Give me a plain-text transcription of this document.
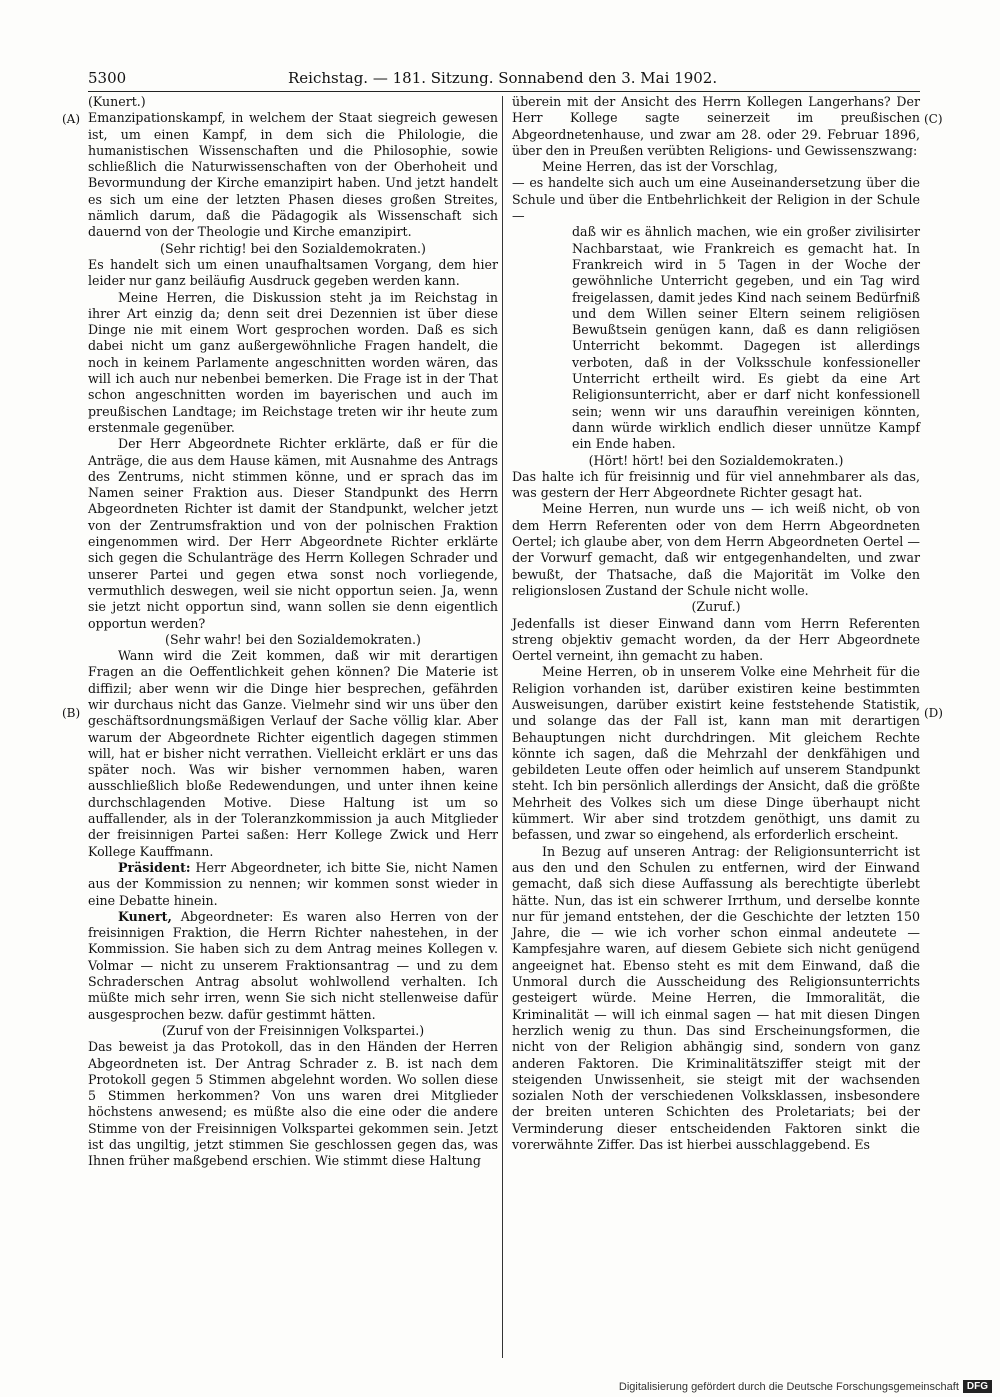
5300	Reichstag. — 181. Sitzung. Sonnabend den 3. Mai 1902.
(A)
(B)
(C)
(D)

(Kunert.)

Emanzipationskampf, in welchem der Staat siegreich gewesen ist, um einen Kampf, in dem sich die Philologie, die humanistischen Wissenschaften und die Philosophie, sowie schließlich die Naturwissenschaften von der Oberhoheit und Bevormundung der Kirche emanzipirt haben. Und jetzt handelt es sich um eine der letzten Phasen dieses großen Streites, nämlich darum, daß die Pädagogik als Wissenschaft sich dauernd von der Theologie und Kirche emanzipirt.

(Sehr richtig! bei den Sozialdemokraten.)

Es handelt sich um einen unaufhaltsamen Vorgang, dem hier leider nur ganz beiläufig Ausdruck gegeben werden kann.

Meine Herren, die Diskussion steht ja im Reichstag in ihrer Art einzig da; denn seit drei Dezennien ist über diese Dinge nie mit einem Wort gesprochen worden. Daß es sich dabei nicht um ganz außergewöhnliche Fragen handelt, die noch in keinem Parlamente angeschnitten worden wären, das will ich auch nur nebenbei bemerken. Die Frage ist in der That schon angeschnitten worden im bayerischen und auch im preußischen Landtage; im Reichstage treten wir ihr heute zum erstenmale gegenüber.

Der Herr Abgeordnete Richter erklärte, daß er für die Anträge, die aus dem Hause kämen, mit Ausnahme des Antrags des Zentrums, nicht stimmen könne, und er sprach das im Namen seiner Fraktion aus. Dieser Standpunkt des Herrn Abgeordneten Richter ist damit der Standpunkt, welcher jetzt von der Zentrumsfraktion und von der polnischen Fraktion eingenommen wird. Der Herr Abgeordnete Richter erklärte sich gegen die Schulanträge des Herrn Kollegen Schrader und unserer Partei und gegen etwa sonst noch vorliegende, vermuthlich deswegen, weil sie nicht opportun seien. Ja, wenn sie jetzt nicht opportun sind, wann sollen sie denn eigentlich opportun werden?

(Sehr wahr! bei den Sozialdemokraten.)

Wann wird die Zeit kommen, daß wir mit derartigen Fragen an die Oeffentlichkeit gehen können? Die Materie ist diffizil; aber wenn wir die Dinge hier besprechen, gefährden wir durchaus nicht das Ganze. Vielmehr sind wir uns über den geschäftsordnungsmäßigen Verlauf der Sache völlig klar. Aber warum der Abgeordnete Richter eigentlich dagegen stimmen will, hat er bisher nicht verrathen. Vielleicht erklärt er uns das später noch. Was wir bisher vernommen haben, waren ausschließlich bloße Redewendungen, und unter ihnen keine durchschlagenden Motive. Diese Haltung ist um so auffallender, als in der Toleranzkommission ja auch Mitglieder der freisinnigen Partei saßen: Herr Kollege Zwick und Herr Kollege Kauffmann.

Präsident: Herr Abgeordneter, ich bitte Sie, nicht Namen aus der Kommission zu nennen; wir kommen sonst wieder in eine Debatte hinein.

Kunert, Abgeordneter: Es waren also Herren von der freisinnigen Fraktion, die Herrn Richter nahestehen, in der Kommission. Sie haben sich zu dem Antrag meines Kollegen v. Volmar — nicht zu unserem Fraktionsantrag — und zu dem Schraderschen Antrag absolut wohlwollend verhalten. Ich müßte mich sehr irren, wenn Sie sich nicht stellenweise dafür ausgesprochen bezw. dafür gestimmt hätten.

(Zuruf von der Freisinnigen Volkspartei.)

Das beweist ja das Protokoll, das in den Händen der Herren Abgeordneten ist. Der Antrag Schrader z. B. ist nach dem Protokoll gegen 5 Stimmen abgelehnt worden. Wo sollen diese 5 Stimmen herkommen? Von uns waren drei Mitglieder höchstens anwesend; es müßte also die eine oder die andere Stimme von der Freisinnigen Volkspartei gekommen sein. Jetzt ist das ungiltig, jetzt stimmen Sie geschlossen gegen das, was Ihnen früher maßgebend erschien. Wie stimmt diese Haltung

überein mit der Ansicht des Herrn Kollegen Langerhans? Der Herr Kollege sagte seinerzeit im preußischen Abgeordnetenhause, und zwar am 28. oder 29. Februar 1896, über den in Preußen verübten Religions- und Gewissenszwang:

Meine Herren, das ist der Vorschlag,

— es handelte sich auch um eine Auseinandersetzung über die Schule und über die Entbehrlichkeit der Religion in der Schule —

daß wir es ähnlich machen, wie ein großer zivilisirter Nachbarstaat, wie Frankreich es gemacht hat. In Frankreich wird in 5 Tagen in der Woche der gewöhnliche Unterricht gegeben, und ein Tag wird freigelassen, damit jedes Kind nach seinem Bedürfniß und dem Willen seiner Eltern seinem religiösen Bewußtsein genügen kann, daß es dann religiösen Unterricht bekommt. Dagegen ist allerdings verboten, daß in der Volksschule konfessioneller Unterricht ertheilt wird. Es giebt da eine Art Religionsunterricht, aber er darf nicht konfessionell sein; wenn wir uns daraufhin vereinigen könnten, dann würde wirklich endlich dieser unnütze Kampf ein Ende haben.

(Hört! hört! bei den Sozialdemokraten.)

Das halte ich für freisinnig und für viel annehmbarer als das, was gestern der Herr Abgeordnete Richter gesagt hat.

Meine Herren, nun wurde uns — ich weiß nicht, ob von dem Herrn Referenten oder von dem Herrn Abgeordneten Oertel; ich glaube aber, von dem Herrn Abgeordneten Oertel — der Vorwurf gemacht, daß wir entgegenhandelten, und zwar bewußt, der Thatsache, daß die Majorität im Volke den religionslosen Zustand der Schule nicht wolle.

(Zuruf.)

Jedenfalls ist dieser Einwand dann vom Herrn Referenten streng objektiv gemacht worden, da der Herr Abgeordnete Oertel verneint, ihn gemacht zu haben.

Meine Herren, ob in unserem Volke eine Mehrheit für die Religion vorhanden ist, darüber existiren keine bestimmten Ausweisungen, darüber existirt keine feststehende Statistik, und solange das der Fall ist, kann man mit derartigen Behauptungen nicht durchdringen. Mit gleichem Rechte könnte ich sagen, daß die Mehrzahl der denkfähigen und gebildeten Leute offen oder heimlich auf unserem Standpunkt steht. Ich bin persönlich allerdings der Ansicht, daß die größte Mehrheit des Volkes sich um diese Dinge überhaupt nicht kümmert. Wir aber sind trotzdem genöthigt, uns damit zu befassen, und zwar so eingehend, als erforderlich erscheint.

In Bezug auf unseren Antrag: der Religionsunterricht ist aus den und den Schulen zu entfernen, wird der Einwand gemacht, daß sich diese Auffassung als berechtigte überlebt hätte. Nun, das ist ein schwerer Irrthum, und derselbe konnte nur für jemand entstehen, der die Geschichte der letzten 150 Jahre, die — wie ich vorher schon einmal andeutete — Kampfesjahre waren, auf diesem Gebiete sich nicht genügend angeeignet hat. Ebenso steht es mit dem Einwand, daß die Unmoral durch die Ausscheidung des Religionsunterrichts gesteigert würde. Meine Herren, die Immoralität, die Kriminalität — will ich einmal sagen — hat mit diesen Dingen herzlich wenig zu thun. Das sind Erscheinungsformen, die nicht von der Religion abhängig sind, sondern von ganz anderen Faktoren. Die Kriminalitätsziffer steigt mit der steigenden Unwissenheit, sie steigt mit der wachsenden sozialen Noth der verschiedenen Volksklassen, insbesondere der breiten unteren Schichten des Proletariats; bei der Verminderung dieser entscheidenden Faktoren sinkt die vorerwähnte Ziffer. Das ist hierbei ausschlaggebend. Es

Digitalisierung gefördert durch die Deutsche Forschungsgemeinschaft DFG
